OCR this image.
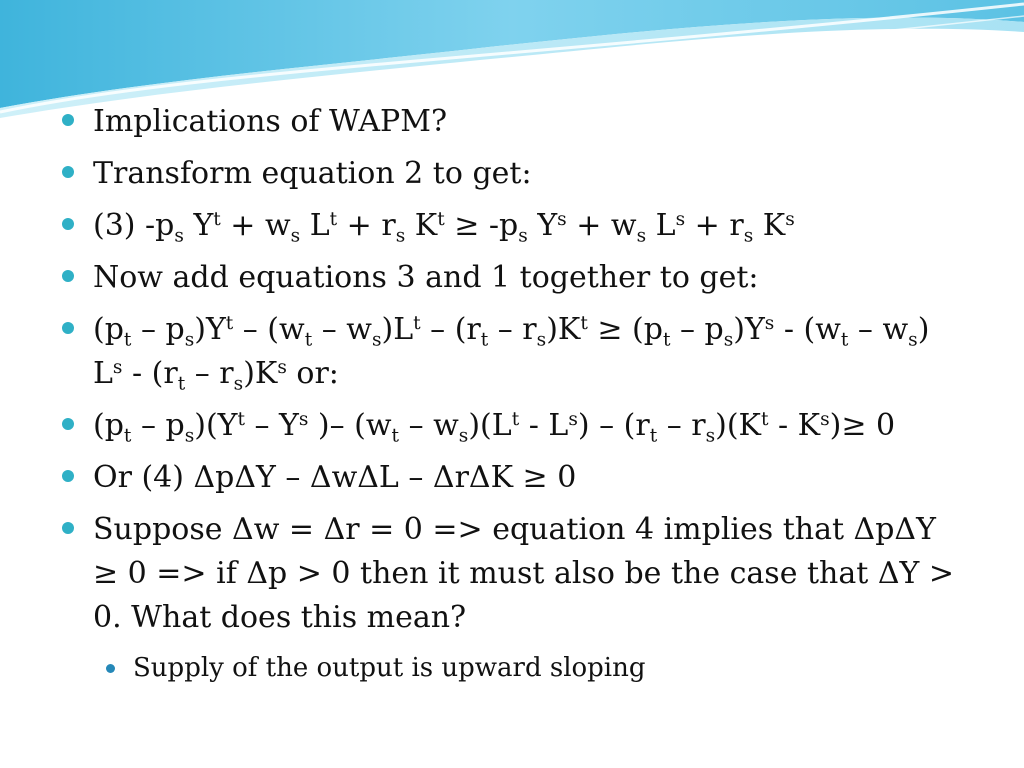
Implications of WAPM?
Transform equation 2 to get:
(3) $-p_s$ $Y^t + w_s$ $L^t + r_s$ $K^t \ge -p_s$ $Y^s + w_s$ $L^s + r_s$ $K^s$
Now add equations 3 and 1 together to get:
$(p_t - p_s)Y^t - (w_t - w_s)L^t - (r_t - r_s)K^t \ge (p_t - p_s)Y^s - (w_t - w_s)$ $L^s - (r_t - r_s)K^s$ or:
$(p_t - p_s)(Y^t - Y^s$ )– $(w_t - w_s)(L^t - L^s) - (r_t - r_s)(K^t - K^s)\ge 0$
Or (4) ΔpΔY – ΔwΔL – ΔrΔK ≥ 0
Suppose Δw = Δr = 0 => equation 4 implies that ΔpΔY ≥ 0 => if Δp > 0 then it must also be the case that ΔY > 0. What does this mean?
Supply of the output is upward sloping
